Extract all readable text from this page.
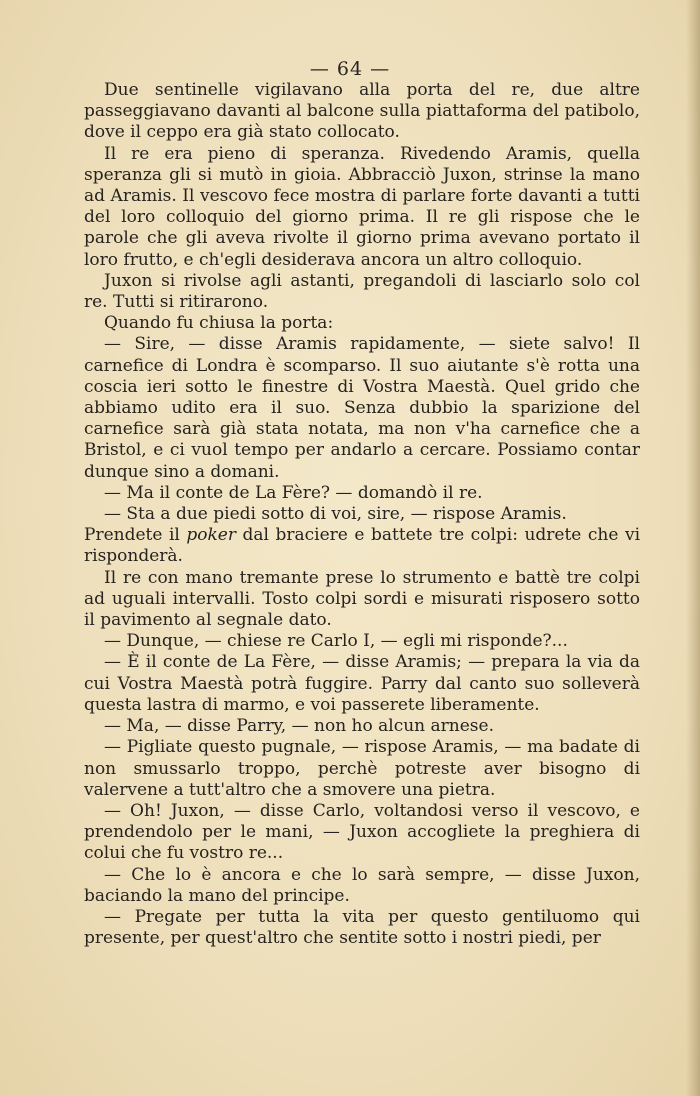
— 64 —

Due sentinelle vigilavano alla porta del re, due altre passeggiavano davanti al balcone sulla piattaforma del patibolo, dove il ceppo era già stato collocato.

Il re era pieno di speranza. Rivedendo Aramis, quella speranza gli si mutò in gioia. Abbracciò Juxon, strinse la mano ad Aramis. Il vescovo fece mostra di parlare forte davanti a tutti del loro colloquio del giorno prima. Il re gli rispose che le parole che gli aveva rivolte il giorno prima avevano portato il loro frutto, e ch'egli desiderava ancora un altro colloquio.

Juxon si rivolse agli astanti, pregandoli di lasciarlo solo col re. Tutti si ritirarono.

Quando fu chiusa la porta:

— Sire, — disse Aramis rapidamente, — siete salvo! Il carnefice di Londra è scomparso. Il suo aiutante s'è rotta una coscia ieri sotto le finestre di Vostra Maestà. Quel grido che abbiamo udito era il suo. Senza dubbio la sparizione del carnefice sarà già stata notata, ma non v'ha carnefice che a Bristol, e ci vuol tempo per andarlo a cercare. Possiamo contar dunque sino a domani.

— Ma il conte de La Fère? — domandò il re.

— Sta a due piedi sotto di voi, sire, — rispose Aramis.

Prendete il poker dal braciere e battete tre colpi: udrete che vi risponderà.

Il re con mano tremante prese lo strumento e battè tre colpi ad uguali intervalli. Tosto colpi sordi e misurati risposero sotto il pavimento al segnale dato.

— Dunque, — chiese re Carlo I, — egli mi risponde?...

— È il conte de La Fère, — disse Aramis; — prepara la via da cui Vostra Maestà potrà fuggire. Parry dal canto suo solleverà questa lastra di marmo, e voi passerete liberamente.

— Ma, — disse Parry, — non ho alcun arnese.

— Pigliate questo pugnale, — rispose Aramis, — ma badate di non smussarlo troppo, perchè potreste aver bisogno di valervene a tutt'altro che a smovere una pietra.

— Oh! Juxon, — disse Carlo, voltandosi verso il vescovo, e prendendolo per le mani, — Juxon accogliete la preghiera di colui che fu vostro re...

— Che lo è ancora e che lo sarà sempre, — disse Juxon, baciando la mano del principe.

— Pregate per tutta la vita per questo gentiluomo qui presente, per quest'altro che sentite sotto i nostri piedi, per
